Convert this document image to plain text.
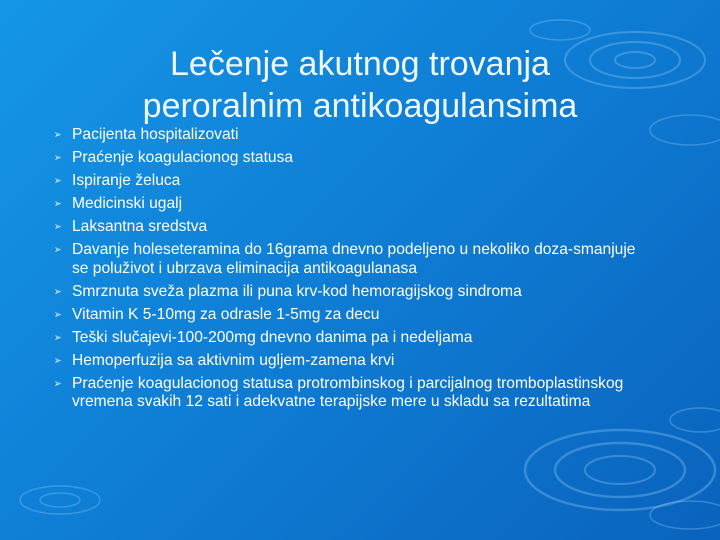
Lečenje akutnog trovanja
peroralnim antikoagulansima
➢ Pacijenta hospitalizovati
➢ Praćenje koagulacionog statusa
➢ Ispiranje želuca
➢ Medicinski ugalj
➢ Laksantna sredstva
➢ Davanje holeseteramina do 16grama dnevno podeljeno u nekoliko doza-smanjuje se poluživot i ubrzava eliminacija antikoagulanasa
➢ Smrznuta sveža plazma ili puna krv-kod hemoragijskog sindroma
➢ Vitamin K 5-10mg za odrasle 1-5mg za decu
➢ Teški slučajevi-100-200mg dnevno danima pa i nedeljama
➢ Hemoperfuzija sa aktivnim ugljem-zamena krvi
➢ Praćenje koagulacionog statusa protrombinskog i parcijalnog tromboplastinskog vremena svakih 12 sati i adekvatne terapijske mere u skladu sa rezultatima
